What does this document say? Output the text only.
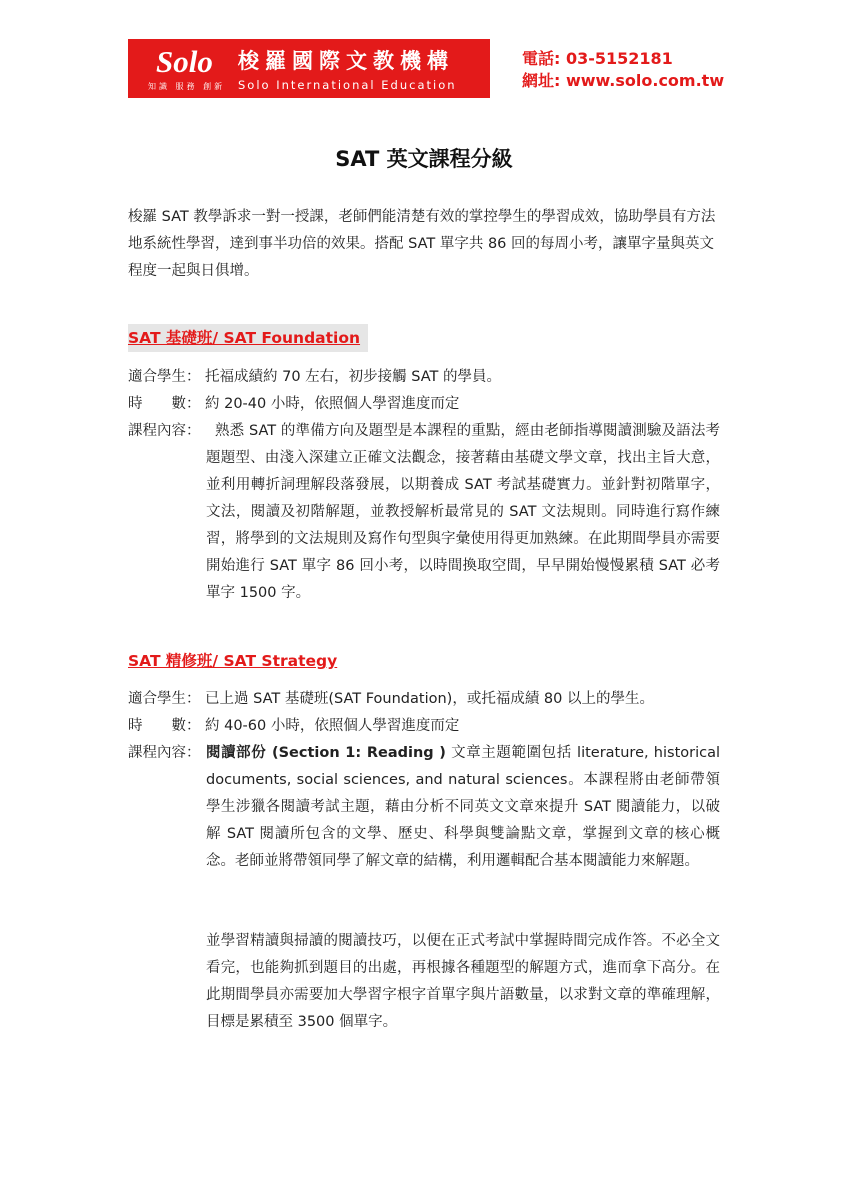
Solo
知識 服務 創新
梭羅國際文教機構
Solo International Education
電話: 03-5152181
網址: www.solo.com.tw
SAT 英文課程分級

梭羅 SAT 教學訴求一對一授課，老師們能清楚有效的掌控學生的學習成效，協助學員有方法地系統性學習，達到事半功倍的效果。搭配 SAT 單字共 86 回的每周小考，讓單字量與英文程度一起與日俱增。

SAT 基礎班/ SAT Foundation
適合學生： 托福成績約 70 左右，初步接觸 SAT 的學員。
時　　數： 約 20-40 小時，依照個人學習進度而定
課程內容：	熟悉 SAT 的準備方向及題型是本課程的重點，經由老師指導閱讀測驗及語法考題題型、由淺入深建立正確文法觀念，接著藉由基礎文學文章，找出主旨大意，並利用轉折詞理解段落發展，以期養成 SAT 考試基礎實力。並針對初階單字，文法，閱讀及初階解題，並教授解析最常見的 SAT 文法規則。同時進行寫作練習，將學到的文法規則及寫作句型與字彙使用得更加熟練。在此期間學員亦需要開始進行 SAT 單字 86 回小考，以時間換取空間，早早開始慢慢累積 SAT 必考單字 1500 字。

SAT 精修班/ SAT Strategy
適合學生： 已上過 SAT 基礎班(SAT Foundation)，或托福成績 80 以上的學生。
時　　數： 約 40-60 小時，依照個人學習進度而定
課程內容： 閱讀部份 (Section 1: Reading ) 文章主題範圍包括 literature, historical documents, social sciences, and natural sciences。本課程將由老師帶領學生涉獵各閱讀考試主題，藉由分析不同英文文章來提升 SAT 閱讀能力，以破解 SAT 閱讀所包含的文學、歷史、科學與雙論點文章，掌握到文章的核心概念。老師並將帶領同學了解文章的結構，利用邏輯配合基本閱讀能力來解題。

並學習精讀與掃讀的閱讀技巧，以便在正式考試中掌握時間完成作答。不必全文看完，也能夠抓到題目的出處，再根據各種題型的解題方式，進而拿下高分。在此期間學員亦需要加大學習字根字首單字與片語數量，以求對文章的準確理解，目標是累積至 3500 個單字。
